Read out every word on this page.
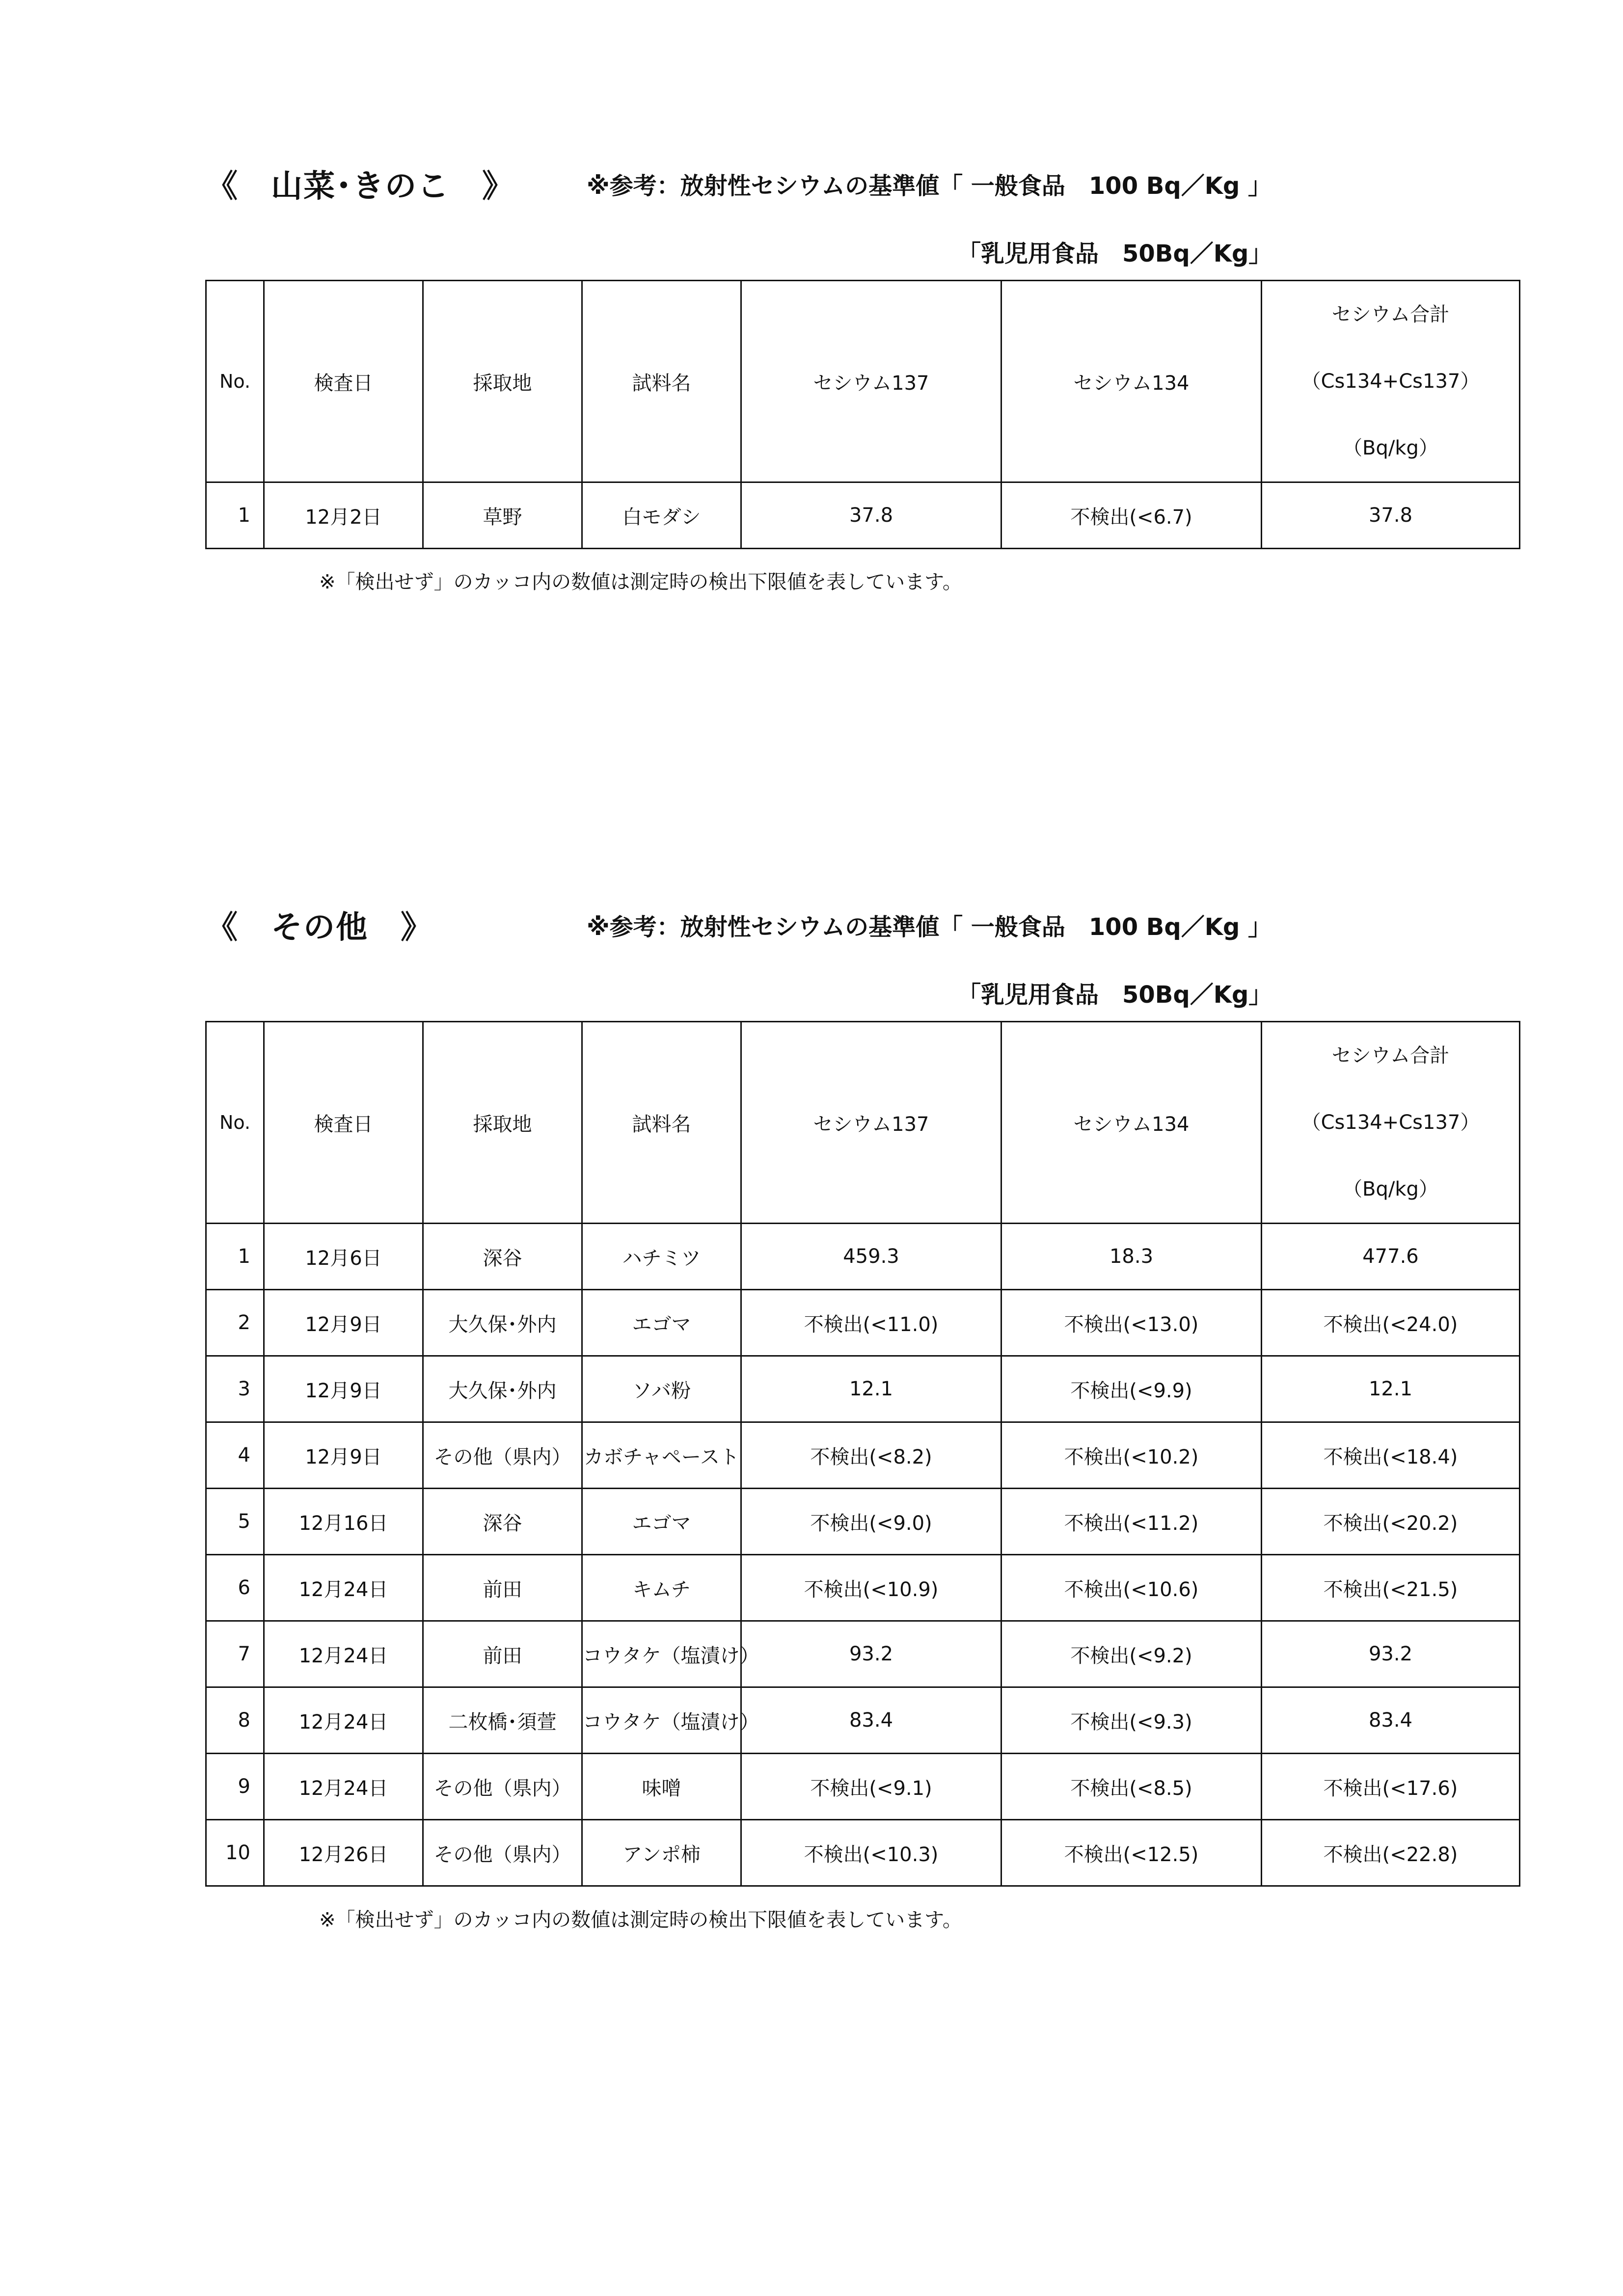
《　山菜･きのこ　》	※参考：放射性セシウムの基準値「 一般食品　100 Bq／Kg 」
「乳児用食品　50Bq／Kg」
No.	検査日	採取地	試料名	セシウム137	セシウム134	セシウム合計
（Cs134+Cs137）
（Bq/kg）

1	12月2日	草野	白モダシ	37.8	不検出(<6.7)	37.8
※「検出せず」のカッコ内の数値は測定時の検出下限値を表しています。
《　その他　》	※参考：放射性セシウムの基準値「 一般食品　100 Bq／Kg 」
「乳児用食品　50Bq／Kg」
No.	検査日	採取地	試料名	セシウム137	セシウム134	セシウム合計
（Cs134+Cs137）
（Bq/kg）

1	12月6日	深谷	ハチミツ	459.3	18.3	477.6
2	12月9日	大久保･外内	エゴマ	不検出(<11.0)	不検出(<13.0)	不検出(<24.0)
3	12月9日	大久保･外内	ソバ粉	12.1	不検出(<9.9)	12.1
4	12月9日	その他（県内）	カボチャペースト	不検出(<8.2)	不検出(<10.2)	不検出(<18.4)
5	12月16日	深谷	エゴマ	不検出(<9.0)	不検出(<11.2)	不検出(<20.2)
6	12月24日	前田	キムチ	不検出(<10.9)	不検出(<10.6)	不検出(<21.5)
7	12月24日	前田	コウタケ（塩漬け）	93.2	不検出(<9.2)	93.2
8	12月24日	二枚橋･須萱	コウタケ（塩漬け）	83.4	不検出(<9.3)	83.4
9	12月24日	その他（県内）	味噌	不検出(<9.1)	不検出(<8.5)	不検出(<17.6)
10	12月26日	その他（県内）	アンポ柿	不検出(<10.3)	不検出(<12.5)	不検出(<22.8)
※「検出せず」のカッコ内の数値は測定時の検出下限値を表しています。
